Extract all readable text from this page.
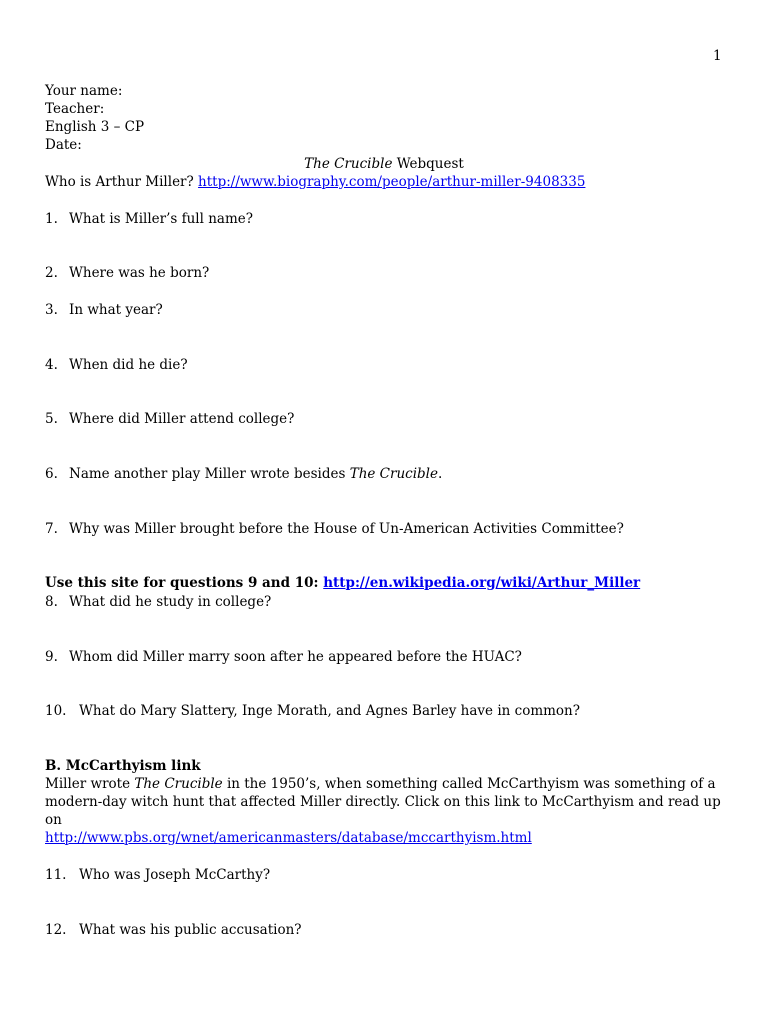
1
Your name:
Teacher:
English 3 – CP
Date:
The Crucible Webquest
Who is Arthur Miller? http://www.biography.com/people/arthur-miller-9408335
1. What is Miller’s full name?
2. Where was he born?
3. In what year?
4. When did he die?
5. Where did Miller attend college?
6. Name another play Miller wrote besides The Crucible.
7. Why was Miller brought before the House of Un-American Activities Committee?
Use this site for questions 9 and 10: http://en.wikipedia.org/wiki/Arthur_Miller
8. What did he study in college?
9. Whom did Miller marry soon after he appeared before the HUAC?
10. What do Mary Slattery, Inge Morath, and Agnes Barley have in common?
B. McCarthyism link
Miller wrote The Crucible in the 1950’s, when something called McCarthyism was something of a modern-day witch hunt that affected Miller directly. Click on this link to McCarthyism and read up on
http://www.pbs.org/wnet/americanmasters/database/mccarthyism.html
11. Who was Joseph McCarthy?
12. What was his public accusation?
